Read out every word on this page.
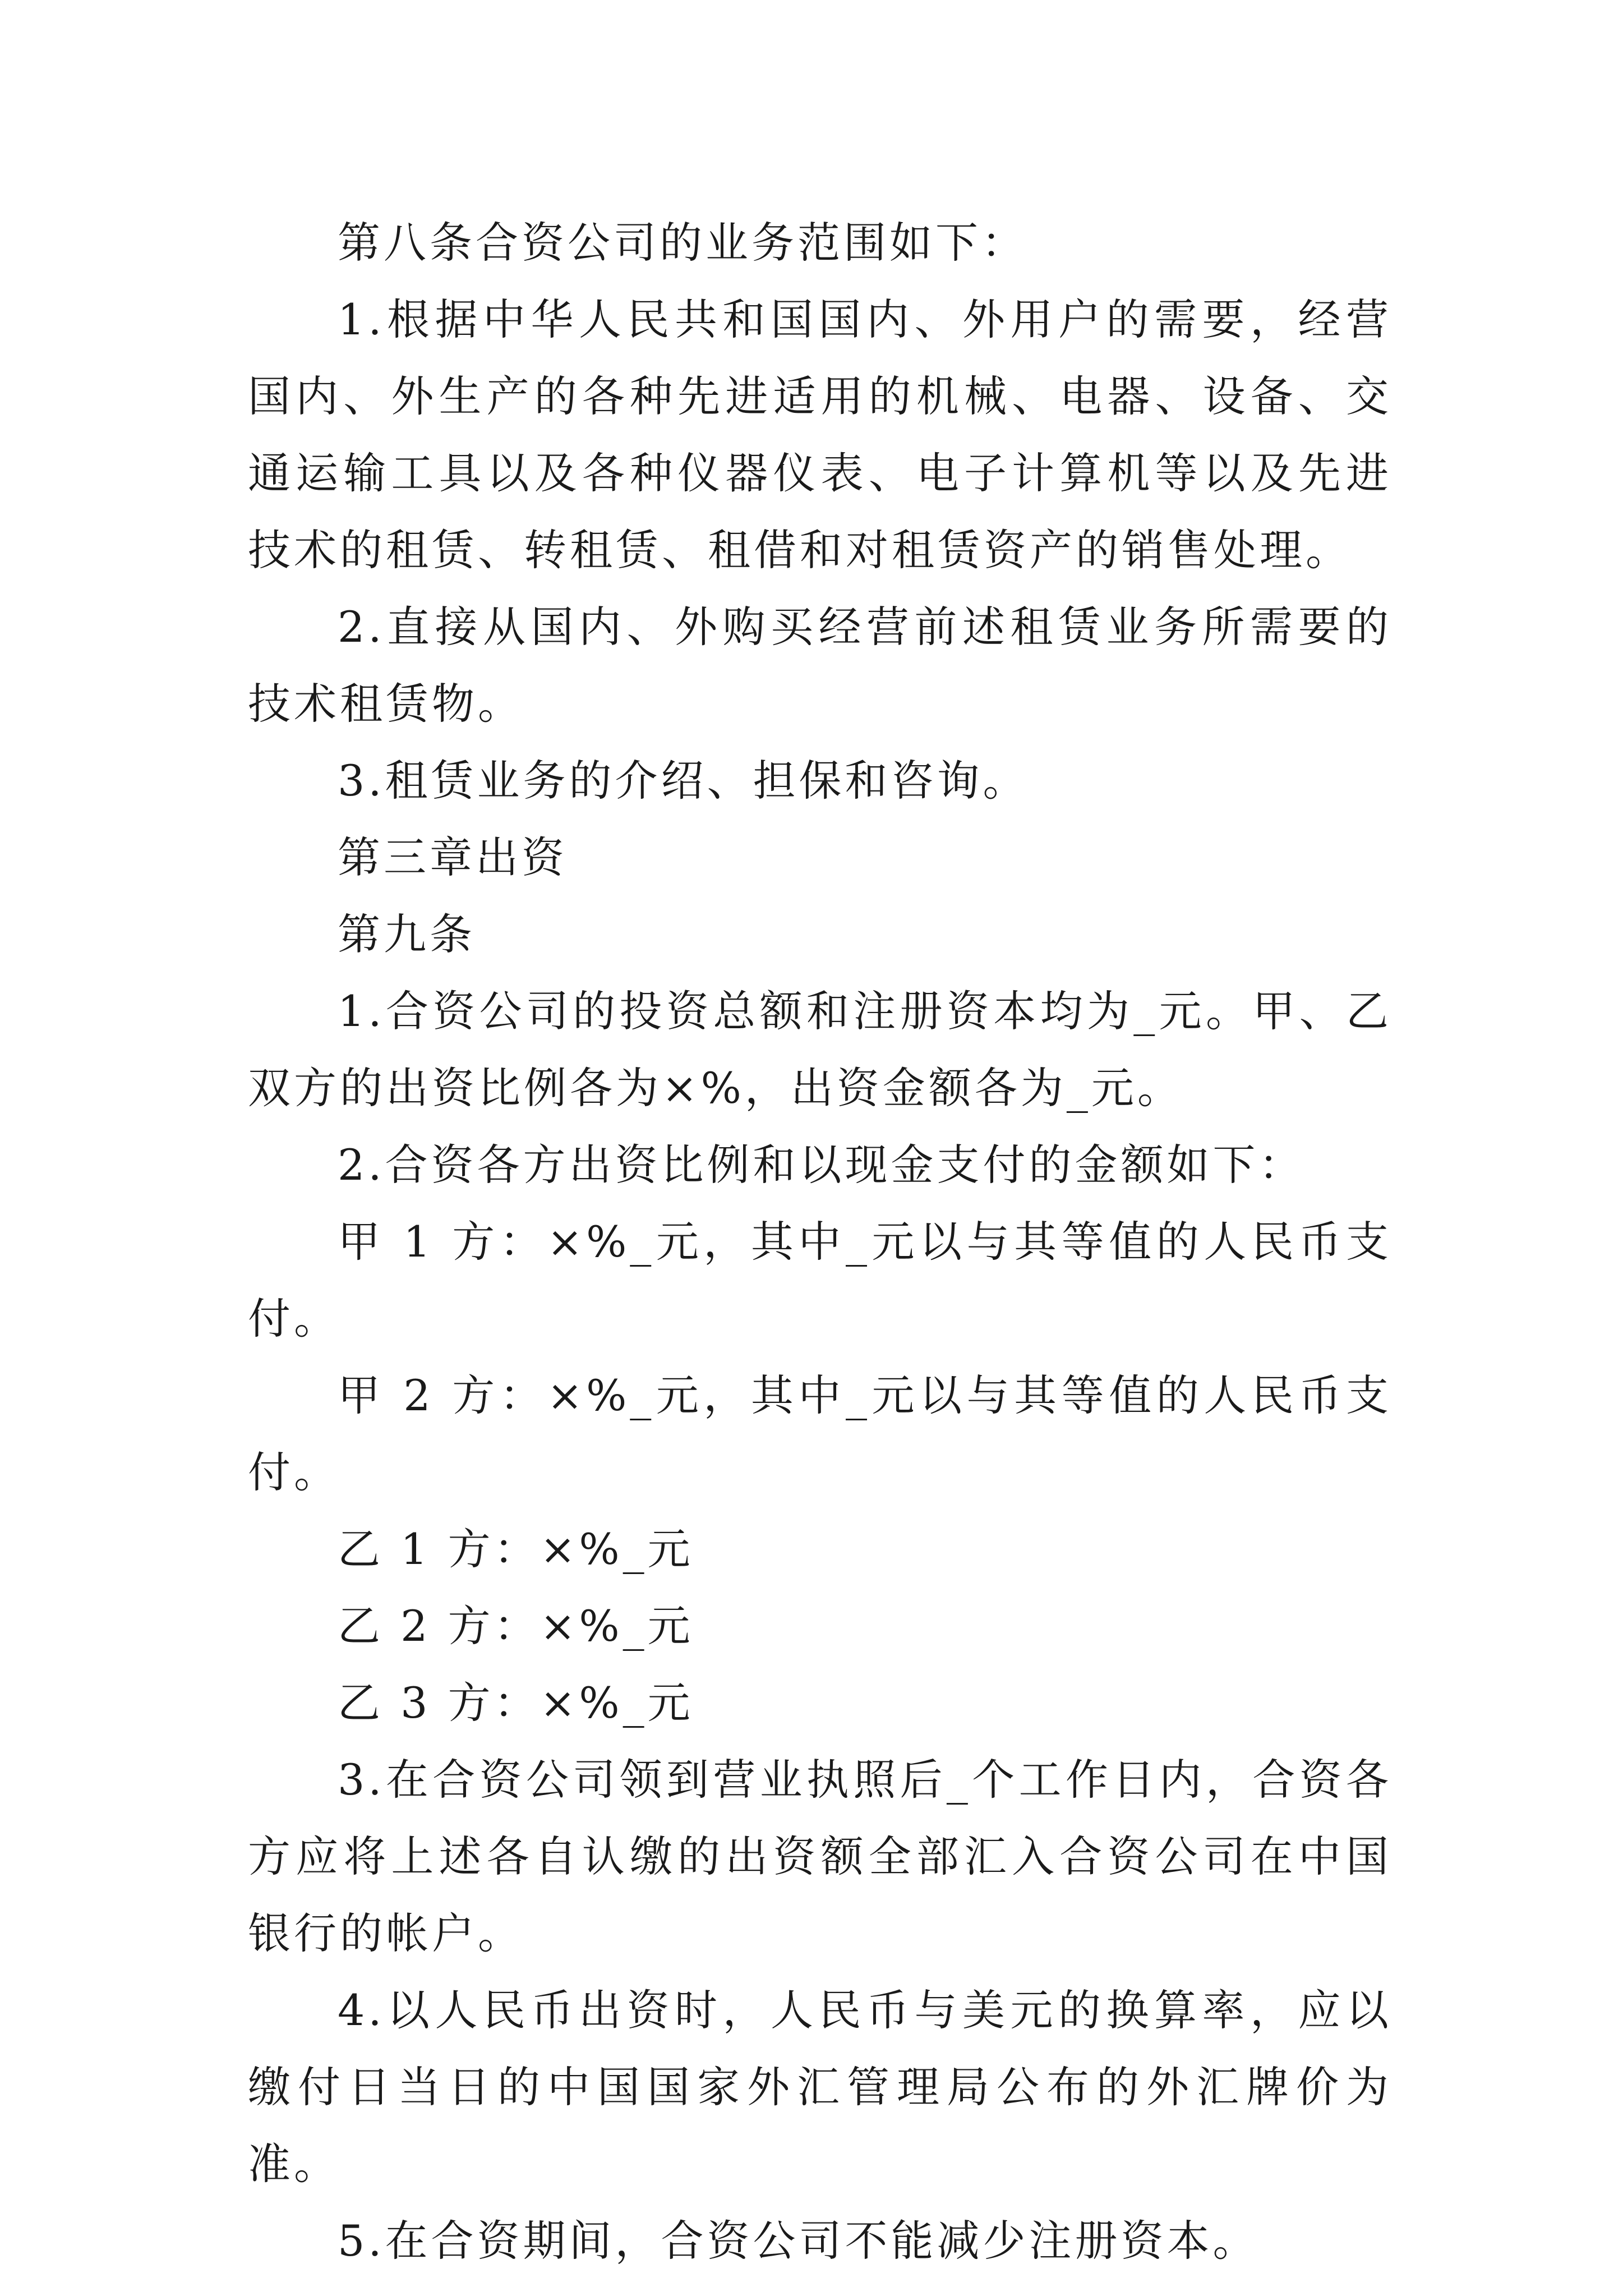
第八条合资公司的业务范围如下：

1.根据中华人民共和国国内、外用户的需要，经营国内、外生产的各种先进适用的机械、电器、设备、交通运输工具以及各种仪器仪表、电子计算机等以及先进技术的租赁、转租赁、租借和对租赁资产的销售处理。

2.直接从国内、外购买经营前述租赁业务所需要的技术租赁物。

3.租赁业务的介绍、担保和咨询。

第三章出资

第九条

1.合资公司的投资总额和注册资本均为_元。甲、乙双方的出资比例各为×%，出资金额各为_元。

2.合资各方出资比例和以现金支付的金额如下：

甲 1 方：×%_元，其中_元以与其等值的人民币支付。

甲 2 方：×%_元，其中_元以与其等值的人民币支付。

乙 1 方：×%_元

乙 2 方：×%_元

乙 3 方：×%_元

3.在合资公司领到营业执照后_个工作日内，合资各方应将上述各自认缴的出资额全部汇入合资公司在中国银行的帐户。

4.以人民币出资时，人民币与美元的换算率，应以缴付日当日的中国国家外汇管理局公布的外汇牌价为准。

5.在合资期间，合资公司不能减少注册资本。
